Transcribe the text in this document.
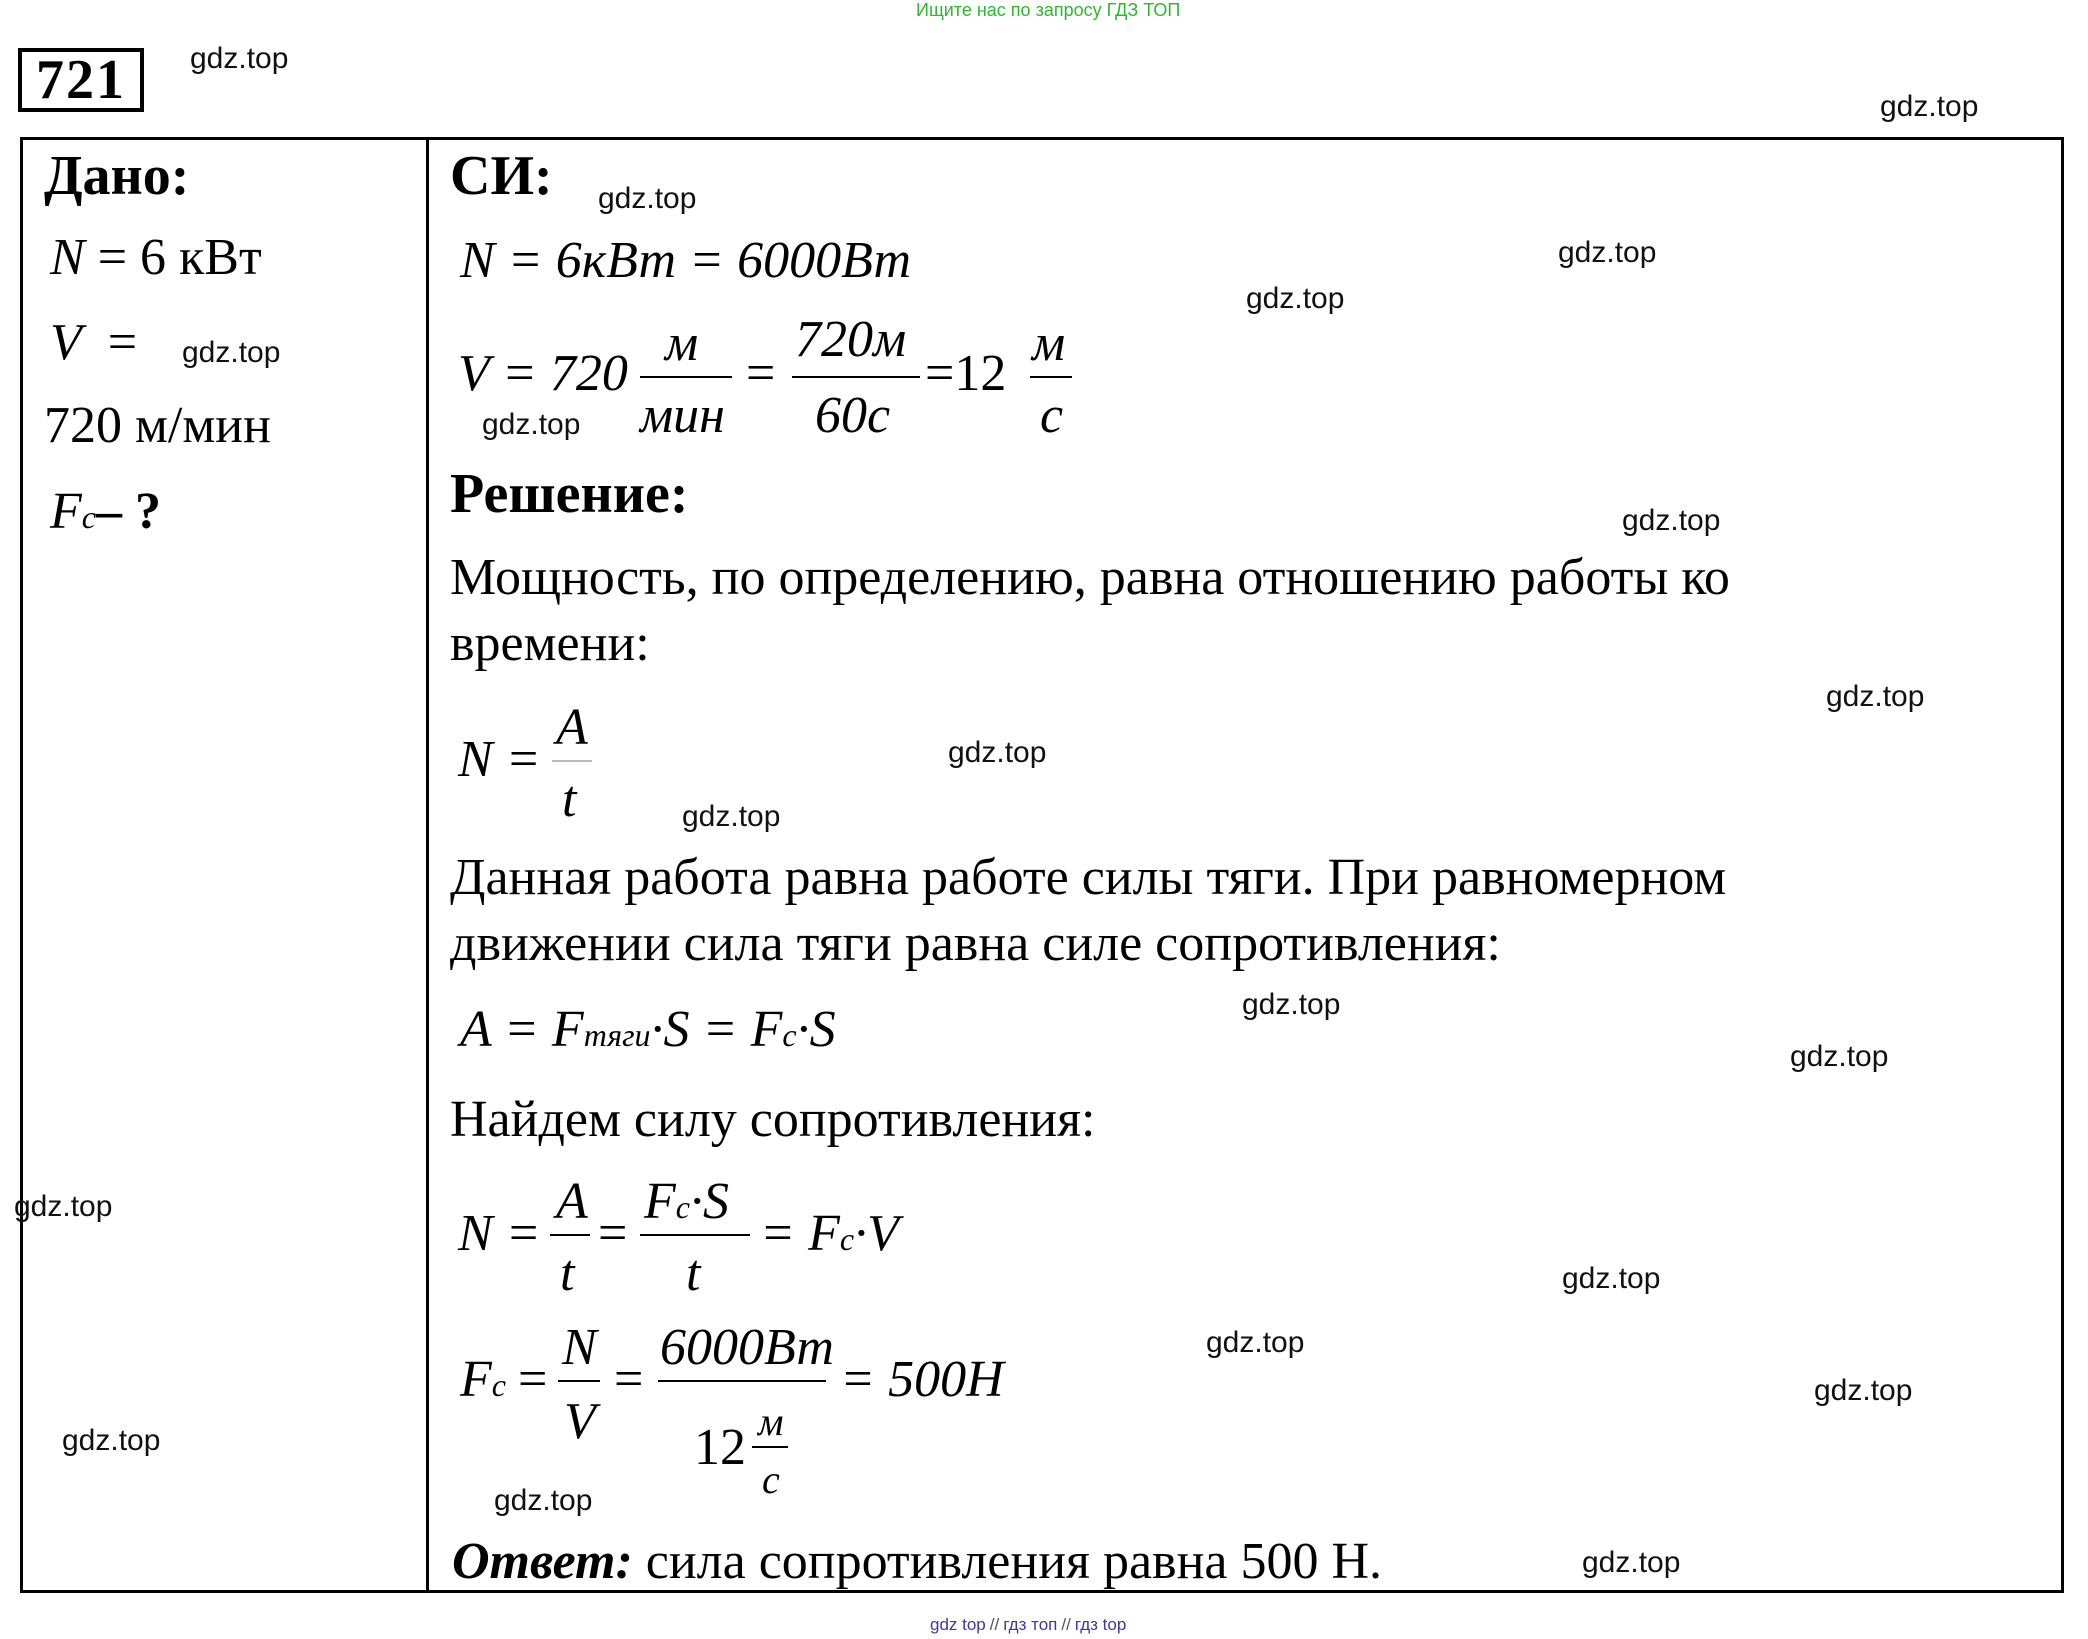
Ищите нас по запросу ГДЗ ТОП
721
Дано:
N = 6 кВт
V =
720 м/мин
Fc– ?
СИ:
N = 6кВт = 6000Вт
V = 720
м
мин
=
720м
60с
=12
м
с
Решение:
Мощность, по определению, равна отношению работы ко
времени:
N =
A
t
Данная работа равна работе силы тяги. При равномерном
движении сила тяги равна силе сопротивления:
A = Fтяги·S = Fc·S
Найдем силу сопротивления:
N =
A
t
=
Fc·S
t
= Fc·V
Fc =
N
V
=
6000Вт
12 м
с
= 500H
Ответ: сила сопротивления равна 500 Н.
gdz.top
gdz.top
gdz.top
gdz.top
gdz.top
gdz.top
gdz.top
gdz.top
gdz.top
gdz.top
gdz.top
gdz.top
gdz.top
gdz.top
gdz.top
gdz.top
gdz.top
gdz.top
gdz.top
gdz.top
gdz top // гдз топ // гдз top
